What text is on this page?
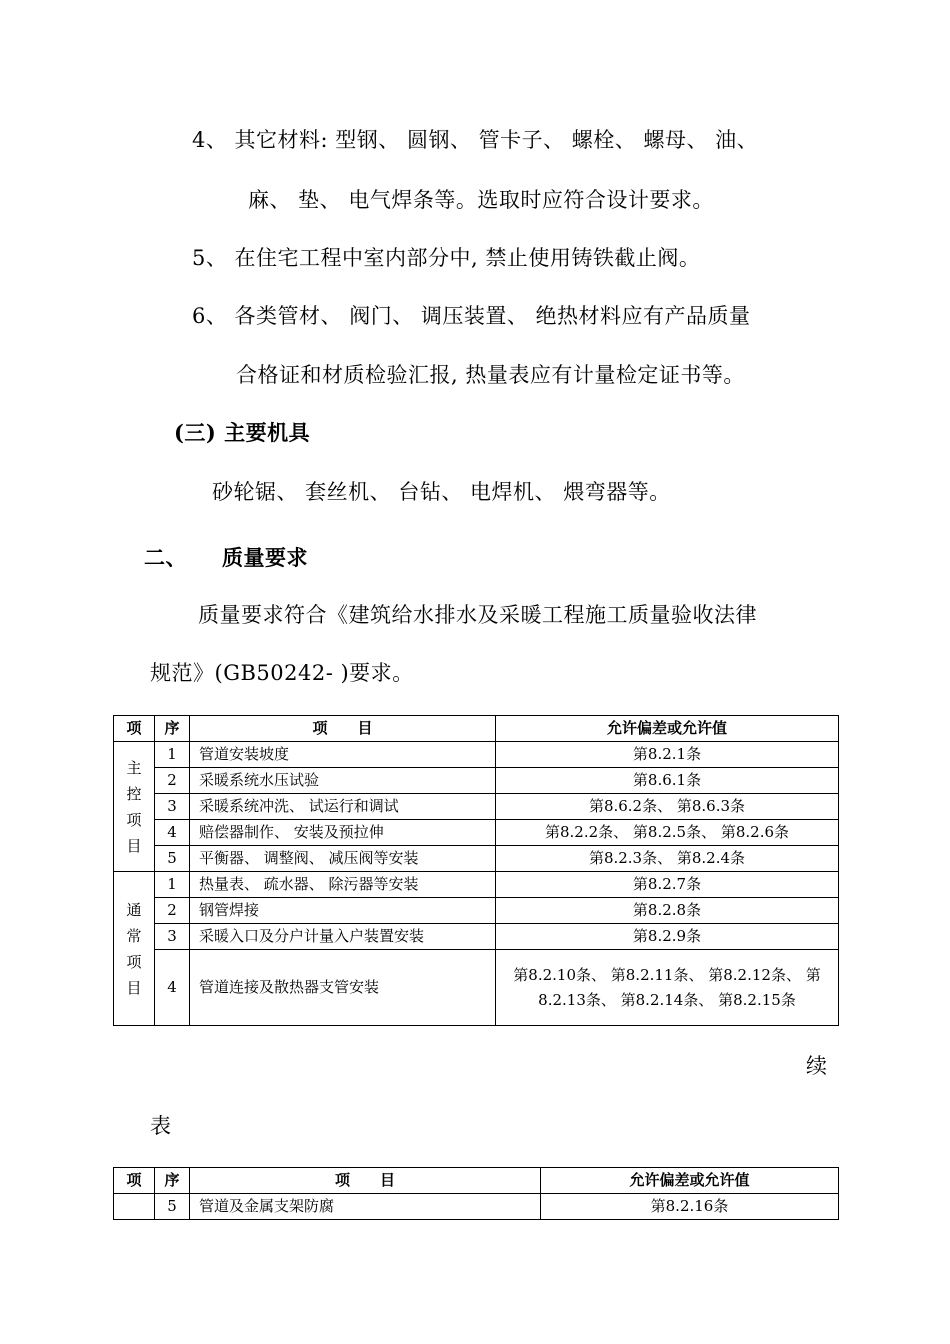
4、 其它材料: 型钢、 圆钢、 管卡子、 螺栓、 螺母、 油、
麻、 垫、 电气焊条等。选取时应符合设计要求。
5、 在住宅工程中室内部分中, 禁止使用铸铁截止阀。
6、 各类管材、 阀门、 调压装置、 绝热材料应有产品质量
合格证和材质检验汇报, 热量表应有计量检定证书等。
(三) 主要机具
砂轮锯、 套丝机、 台钻、 电焊机、 煨弯器等。
二、 质量要求
质量要求符合《建筑给水排水及采暖工程施工质量验收法律
规范》(GB50242- )要求。
项	序	项　　目	允许偏差或允许值
主控项目	1	管道安装坡度	第8.2.1条
	2	采暖系统水压试验	第8.6.1条
	3	采暖系统冲洗、 试运行和调试	第8.6.2条、 第8.6.3条
	4	赔偿器制作、 安装及预拉伸	第8.2.2条、 第8.2.5条、 第8.2.6条
	5	平衡器、 调整阀、 减压阀等安装	第8.2.3条、 第8.2.4条
通常项目	1	热量表、 疏水器、 除污器等安装	第8.2.7条
	2	钢管焊接	第8.2.8条
	3	采暖入口及分户计量入户装置安装	第8.2.9条
	4	管道连接及散热器支管安装	第8.2.10条、 第8.2.11条、 第8.2.12条、 第8.2.13条、 第8.2.14条、 第8.2.15条
续
表
项	序	项　　目	允许偏差或允许值
	5	管道及金属支架防腐	第8.2.16条
